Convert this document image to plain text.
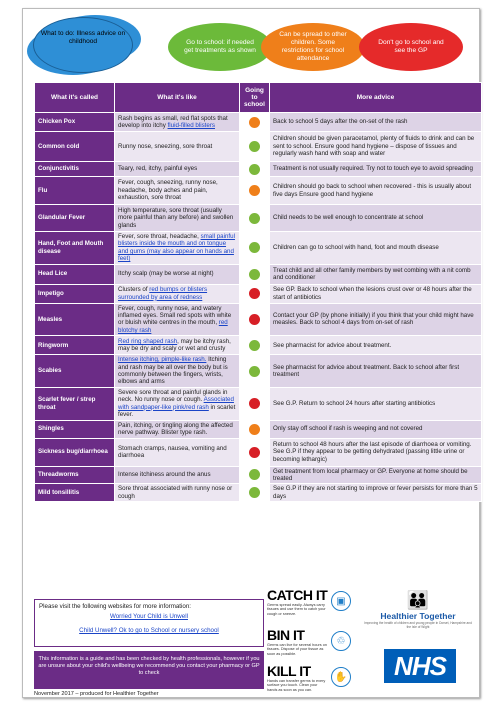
What to do: Illness advice on childhood	Go to school: if needed get treatments as shown
Can be spread to other children. Some restrictions for school attendance
Don't go to school and see the GP
What it's called	What it's like	Going to school	More advice
Chicken Pox	Rash begins as small, red flat spots that develop into itchy fluid-filled blisters		Back to school 5 days after the on-set of the rash
Common cold	Runny nose, sneezing, sore throat		Children should be given paracetamol, plenty of fluids to drink and can be sent to school. Ensure good hand hygiene – dispose of tissues and regularly wash hand with soap and water
Conjunctivitis	Teary, red, itchy, painful eyes		Treatment is not usually required. Try not to touch eye to avoid spreading
Flu	Fever, cough, sneezing, runny nose, headache, body aches and pain, exhaustion, sore throat		Children should go back to school when recovered - this is usually about five days Ensure good hand hygiene
Glandular Fever	High temperature, sore throat (usually more painful than any before) and swollen glands		Child needs to be well enough to concentrate at school
Hand, Foot and Mouth disease	Fever, sore throat, headache, small painful blisters inside the mouth and on tongue and gums (may also appear on hands and feet)		Children can go to school with hand, foot and mouth disease
Head Lice	Itchy scalp (may be worse at night)		Treat child and all other family members by wet combing with a nit comb and conditioner
Impetigo	Clusters of red bumps or blisters surrounded by area of redness		See GP. Back to school when the lesions crust over or 48 hours after the start of antibiotics
Measles	Fever, cough, runny nose, and watery inflamed eyes. Small red spots with white or bluish white centres in the mouth, red blotchy rash		Contact your GP (by phone initially) if you think that your child might have measles. Back to school 4 days from on-set of rash
Ringworm	Red ring shaped rash, may be itchy rash, may be dry and scaly or wet and crusty		See pharmacist for advice about treatment.
Scabies	Intense itching, pimple-like rash. Itching and rash may be all over the body but is commonly between the fingers, wrists, elbows and arms		See pharmacist for advice about treatment. Back to school after first treatment
Scarlet fever / strep throat	Severe sore throat and painful glands in neck. No runny nose or cough. Associated with sandpaper-like pink/red rash in scarlet fever.		See G.P. Return to school 24 hours after starting antibiotics
Shingles	Pain, itching, or tingling along the affected nerve pathway. Blister type rash.		Only stay off school if rash is weeping and not covered
Sickness bug/diarrhoea	Stomach cramps, nausea, vomiting and diarrhoea		Return to school 48 hours after the last episode of diarrhoea or vomiting. See G.P if they appear to be getting dehydrated (passing little urine or becoming lethargic)
Threadworms	Intense itchiness around the anus		Get treatment from local pharmacy or GP. Everyone at home should be treated
Mild tonsillitis	Sore throat associated with runny nose or cough		See G.P if they are not starting to improve or fever persists for more than 5 days
Please visit the following websites for more information:
Worried Your Child is Unwell
Child Unwell? Ok to go to School or nursery school
This information is a guide and has been checked by health professionals, however if you are unsure about your child's wellbeing we recommend you contact your pharmacy or GP to check
November 2017 – produced for Healthier Together
CATCH IT
Germs spread easily. Always carry tissues and use them to catch your cough or sneeze.
▣
BIN IT
Germs can live for several hours on tissues. Dispose of your tissue as soon as possible.
♲
KILL IT
Hands can transfer germs to every surface you touch. Clean your hands as soon as you can.
✋
👪
Healthier Together
Improving the health of children and young people in Dorset, Hampshire and the Isle of Wight
NHS
